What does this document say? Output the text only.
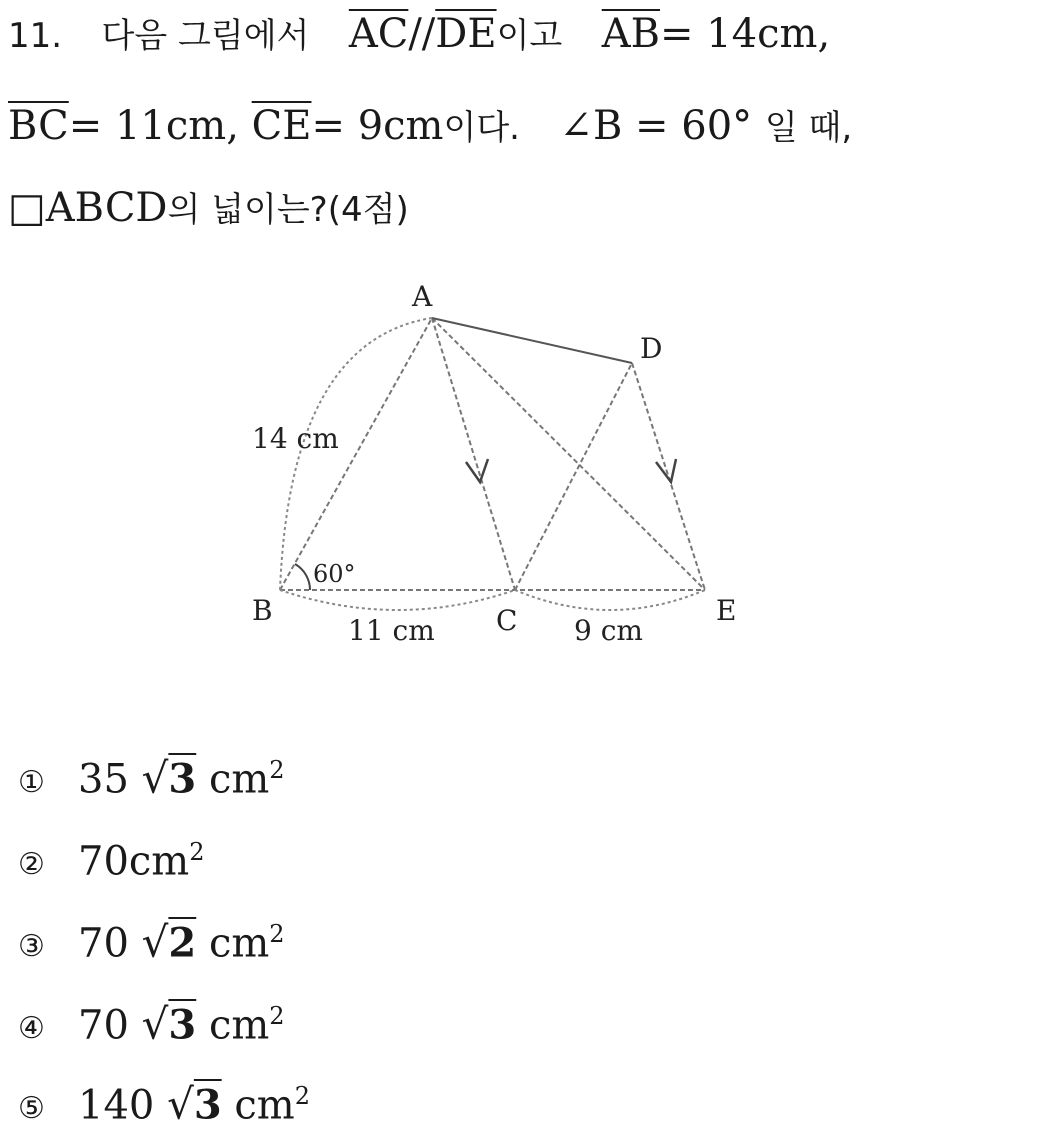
11. 다음 그림에서 $\overline{AC}//\overline{DE}$이고 $\overline{AB}= 14cm$,
$\overline{BC}= 11cm$, $\overline{CE}= 9cm$이다. ∠B = 60° 일 때,
□ABCD의 넓이는?(4점)
A
B	C
D
E
14 cm
11 cm	9 cm
60°
① 35 √3 $cm^2$
② $70cm^2$
③ 70 √2 $cm^2$
④ 70 √3 $cm^2$
⑤ 140 √3 $cm^2$
